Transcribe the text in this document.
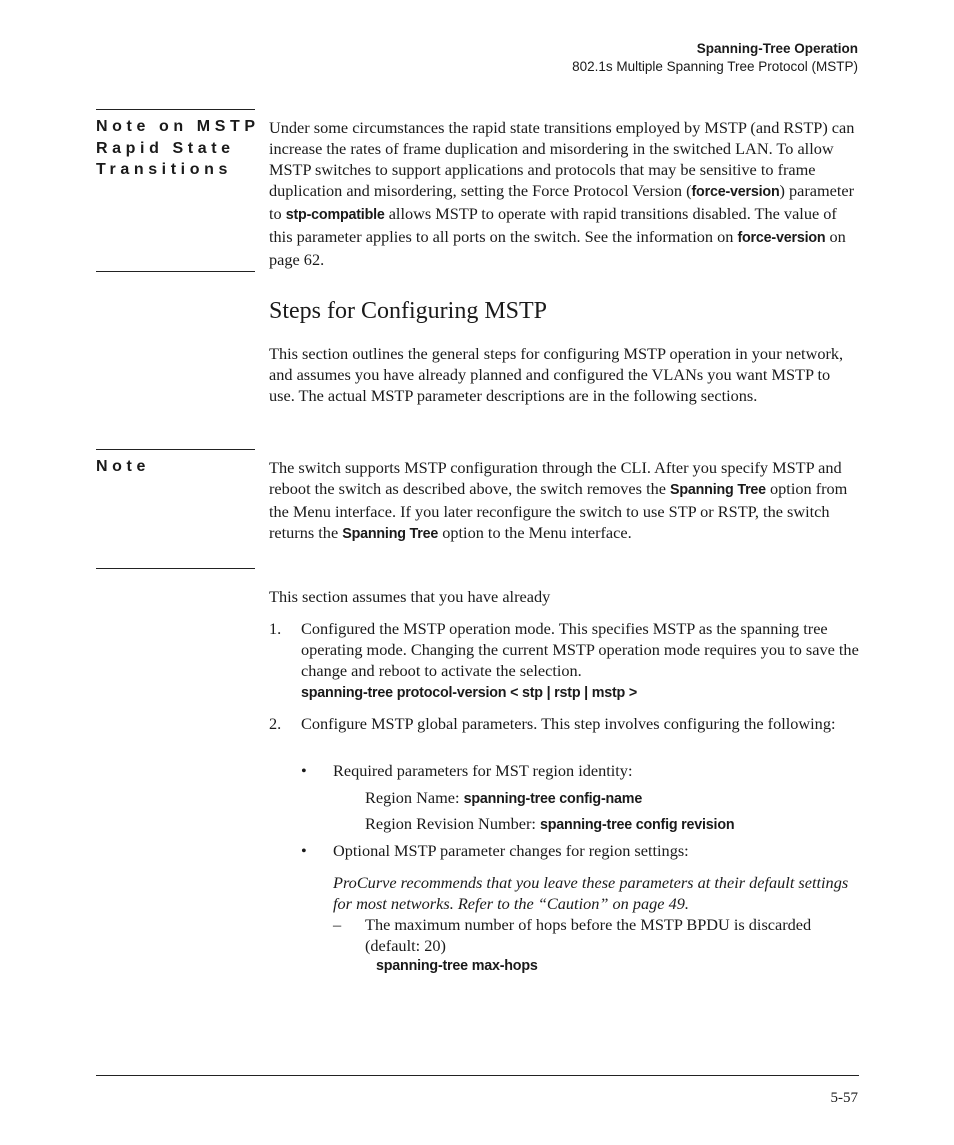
Spanning-Tree Operation
802.1s Multiple Spanning Tree Protocol (MSTP)
Note on MSTP
Rapid State
Transitions
Under some circumstances the rapid state transitions employed by MSTP (and RSTP) can increase the rates of frame duplication and misordering in the switched LAN. To allow MSTP switches to support applications and protocols that may be sensitive to frame duplication and misordering, setting the Force Protocol Version (force-version) parameter to stp-compatible allows MSTP to operate with rapid transitions disabled. The value of this parameter applies to all ports on the switch. See the information on force-version on page 62.
Steps for Configuring MSTP
This section outlines the general steps for configuring MSTP operation in your network, and assumes you have already planned and configured the VLANs you want MSTP to use. The actual MSTP parameter descriptions are in the following sections.
Note	The switch supports MSTP configuration through the CLI. After you specify MSTP and reboot the switch as described above, the switch removes the Spanning Tree option from the Menu interface. If you later reconfigure the switch to use STP or RSTP, the switch returns the Spanning Tree option to the Menu interface.
This section assumes that you have already
1. Configured the MSTP operation mode. This specifies MSTP as the spanning tree operating mode. Changing the current MSTP operation mode requires you to save the change and reboot to activate the selection.
spanning-tree protocol-version < stp | rstp | mstp >
2. Configure MSTP global parameters. This step involves configuring the following:
• Required parameters for MST region identity:
Region Name: spanning-tree config-name
Region Revision Number: spanning-tree config revision
• Optional MSTP parameter changes for region settings:
ProCurve recommends that you leave these parameters at their default settings for most networks. Refer to the “Caution” on page 49.
– The maximum number of hops before the MSTP BPDU is discarded (default: 20)
spanning-tree max-hops
5-57
